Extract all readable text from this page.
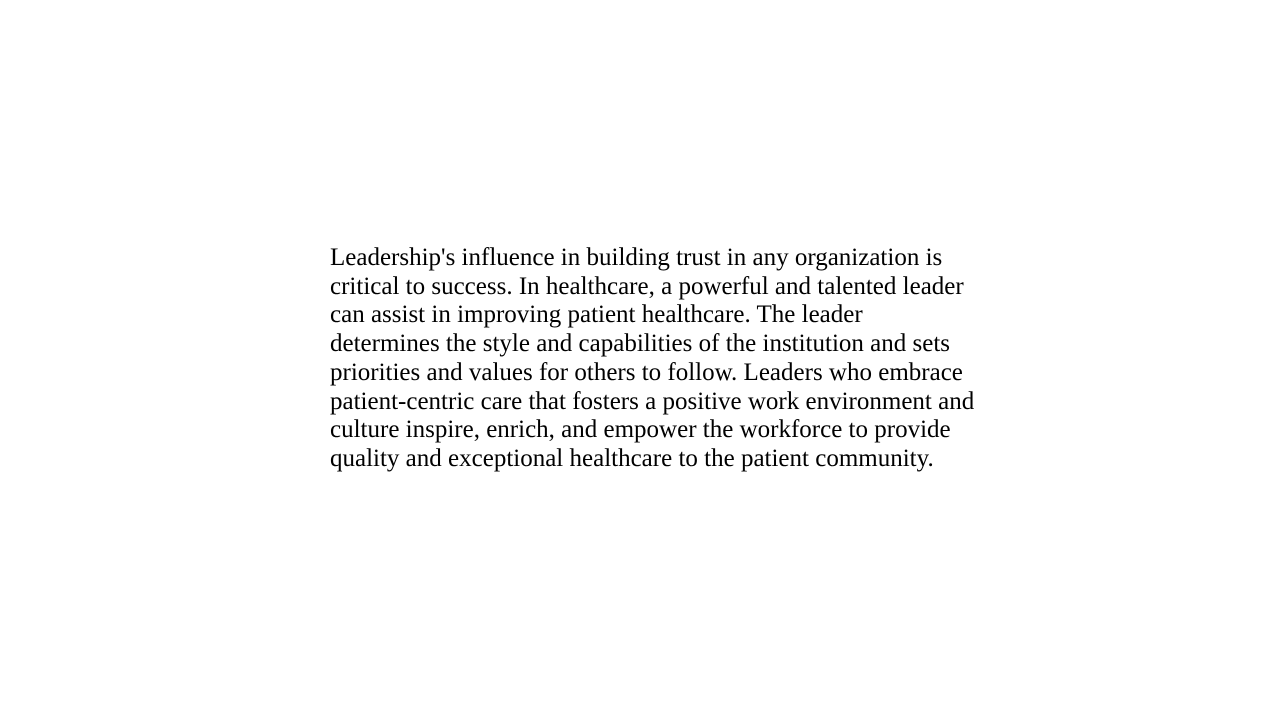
Leadership's influence in building trust in any organization is
critical to success. In healthcare, a powerful and talented leader
can assist in improving patient healthcare. The leader
determines the style and capabilities of the institution and sets
priorities and values for others to follow. Leaders who embrace
patient-centric care that fosters a positive work environment and
culture inspire, enrich, and empower the workforce to provide
quality and exceptional healthcare to the patient community.
